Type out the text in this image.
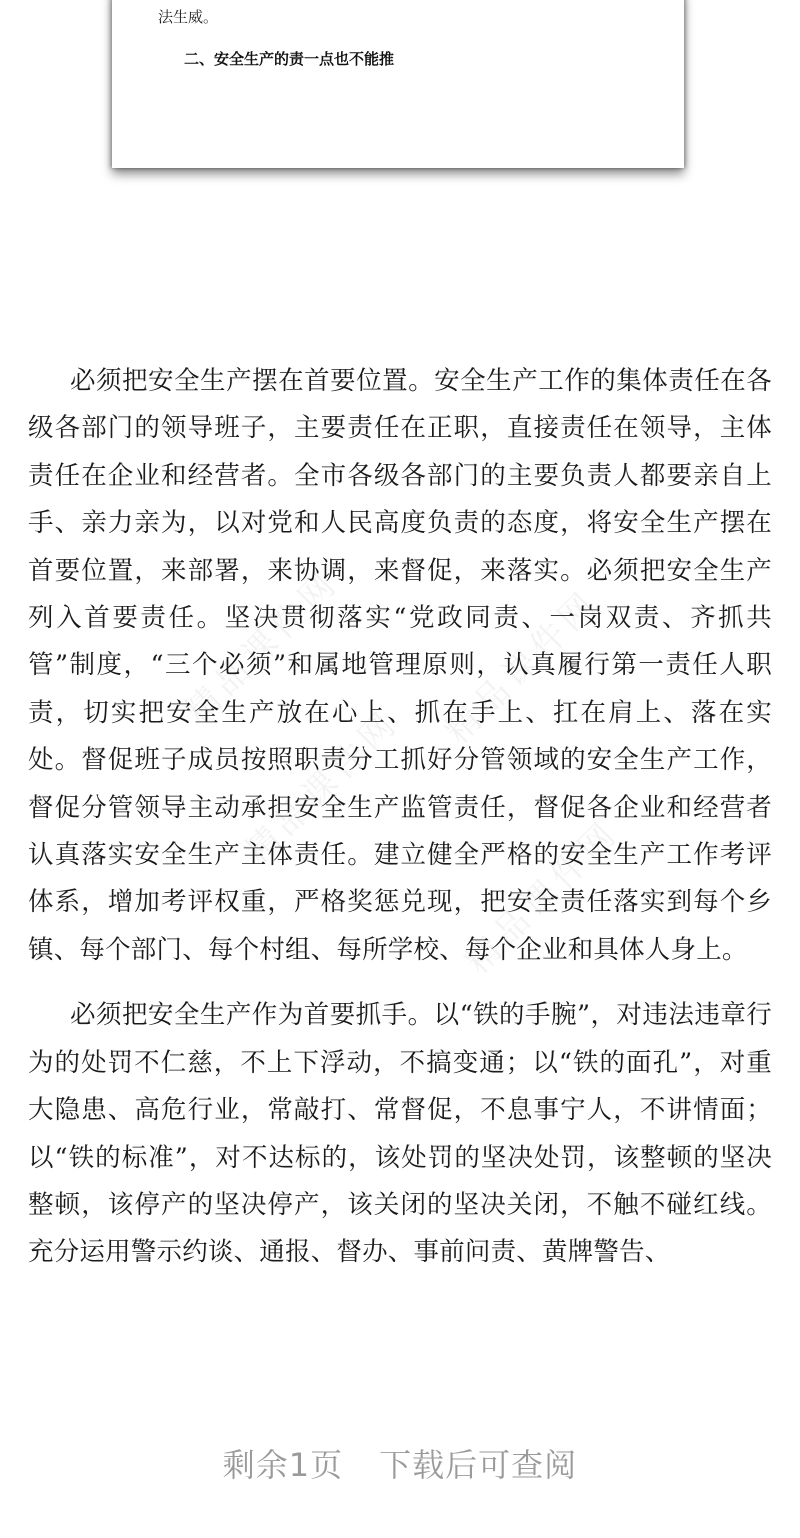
法生威。
二、安全生产的责一点也不能推
精品课件网
精品课件网
精品课件网
精品课件网

必须把安全生产摆在首要位置。安全生产工作的集体责任在各级各部门的领导班子，主要责任在正职，直接责任在领导，主体责任在企业和经营者。全市各级各部门的主要负责人都要亲自上手、亲力亲为，以对党和人民高度负责的态度，将安全生产摆在首要位置，来部署，来协调，来督促，来落实。必须把安全生产列入首要责任。坚决贯彻落实“党政同责、一岗双责、齐抓共管”制度，“三个必须”和属地管理原则，认真履行第一责任人职责，切实把安全生产放在心上、抓在手上、扛在肩上、落在实处。督促班子成员按照职责分工抓好分管领域的安全生产工作，督促分管领导主动承担安全生产监管责任，督促各企业和经营者认真落实安全生产主体责任。建立健全严格的安全生产工作考评体系，增加考评权重，严格奖惩兑现，把安全责任落实到每个乡镇、每个部门、每个村组、每所学校、每个企业和具体人身上。

必须把安全生产作为首要抓手。以“铁的手腕”，对违法违章行为的处罚不仁慈，不上下浮动，不搞变通；以“铁的面孔”，对重大隐患、高危行业，常敲打、常督促，不息事宁人，不讲情面；以“铁的标准”，对不达标的，该处罚的坚决处罚，该整顿的坚决整顿，该停产的坚决停产，该关闭的坚决关闭，不触不碰红线。充分运用警示约谈、通报、督办、事前问责、黄牌警告、

剩余1页 下载后可查阅
